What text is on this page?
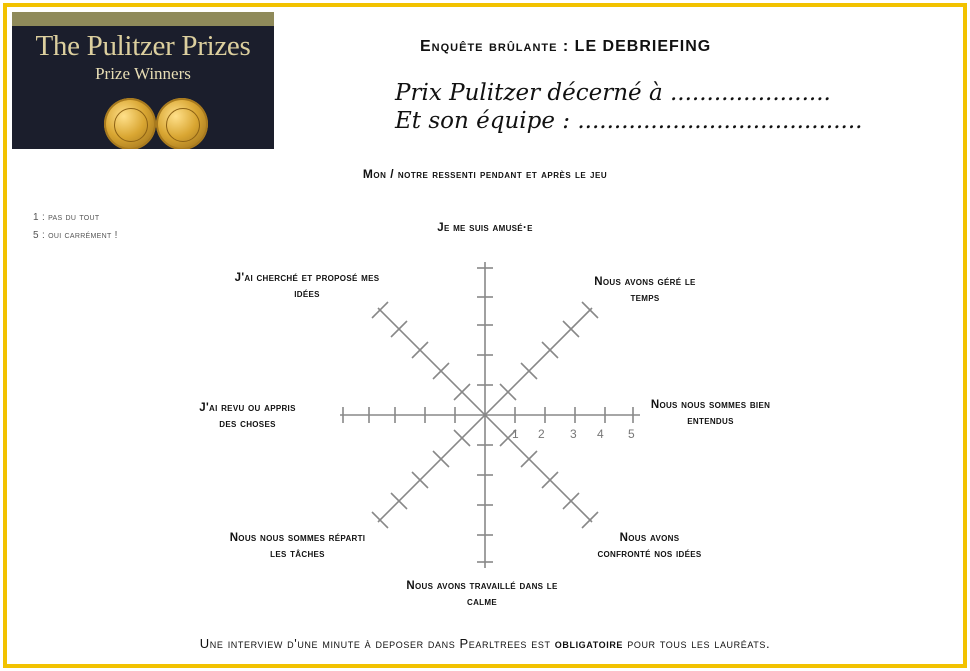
The Pulitzer Prizes
Prize Winners
Enquête brûlante : LE DEBRIEFING
Prix Pulitzer décerné à ......................
Et son équipe : .......................................
Mon / notre ressenti pendant et après le jeu
1 : pas du tout
5 : oui carrément !
1 2 3 4 5
Je me suis amusé·e
Nous avons géré le temps
Nous nous sommes bien entendus
Nous avons confronté nos idées
Nous avons travaillé dans le calme
Nous nous sommes réparti les tâches
J'ai revu ou appris des choses
J'ai cherché et proposé mes idées
Une interview d'une minute à deposer dans Pearltrees est obligatoire pour tous les lauréats.
